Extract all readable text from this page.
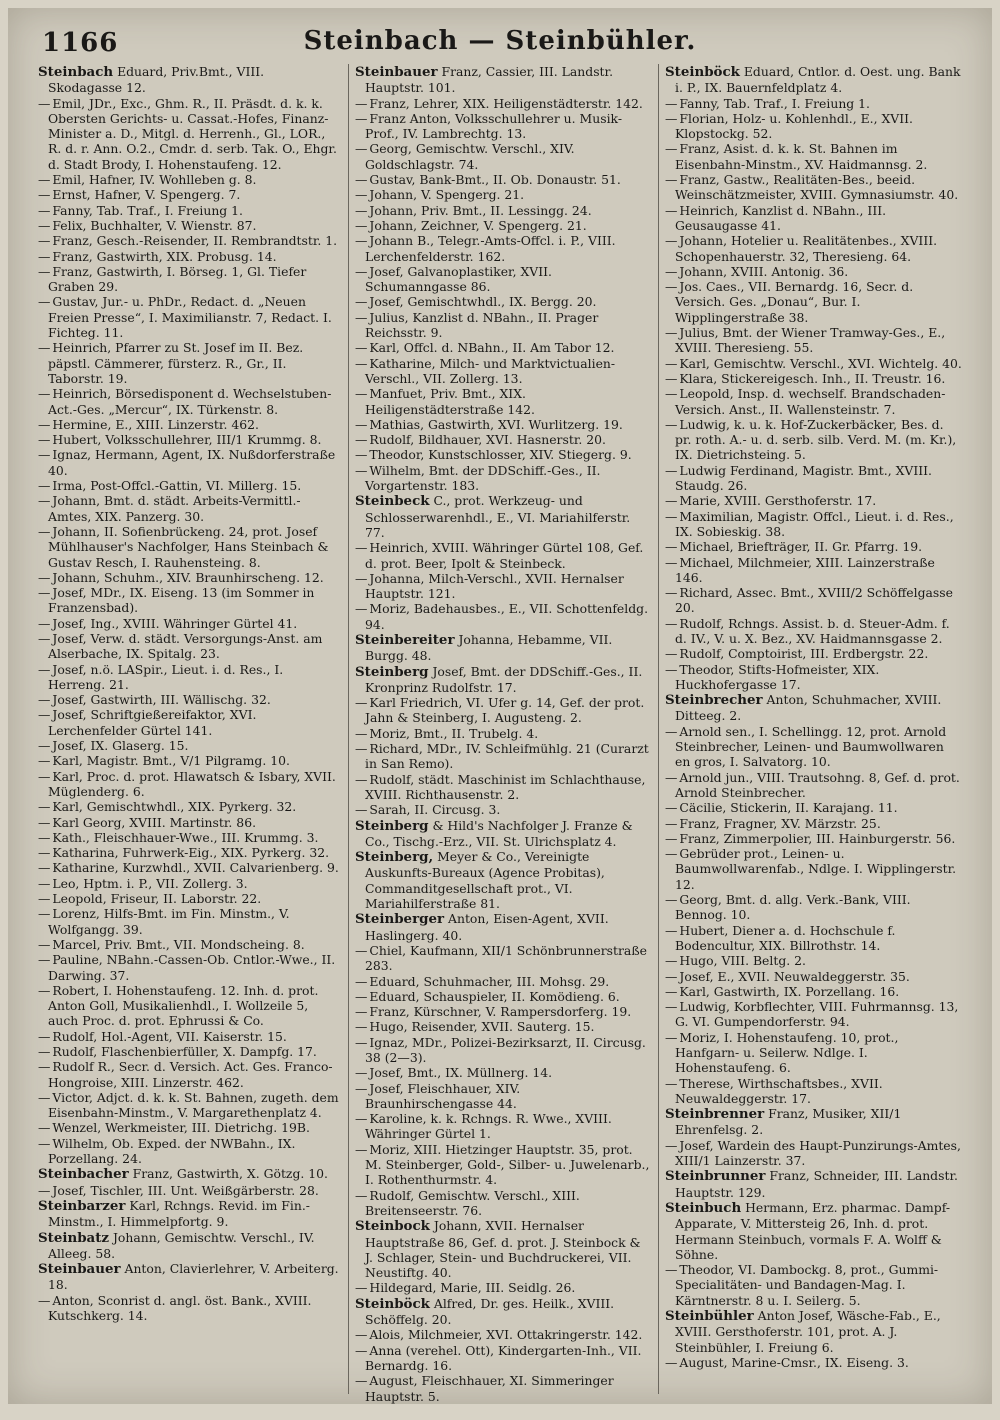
1166	Steinbach — Steinbühler.

Steinbach Eduard, Priv.Bmt., VIII. Skodagasse 12.

— Emil, JDr., Exc., Ghm. R., II. Präsdt. d. k. k. Obersten Gerichts- u. Cassat.-Hofes, Finanz-Minister a. D., Mitgl. d. Herrenh., Gl., LOR., R. d. r. Ann. O.2., Cmdr. d. serb. Tak. O., Ehgr. d. Stadt Brody, I. Hohenstaufeng. 12.

— Emil, Hafner, IV. Wohlleben g. 8.

— Ernst, Hafner, V. Spengerg. 7.

— Fanny, Tab. Traf., I. Freiung 1.

— Felix, Buchhalter, V. Wienstr. 87.

— Franz, Gesch.-Reisender, II. Rembrandtstr. 1.

— Franz, Gastwirth, XIX. Probusg. 14.

— Franz, Gastwirth, I. Börseg. 1, Gl. Tiefer Graben 29.

— Gustav, Jur.- u. PhDr., Redact. d. „Neuen Freien Presse“, I. Maximilianstr. 7, Redact. I. Fichteg. 11.

— Heinrich, Pfarrer zu St. Josef im II. Bez. päpstl. Cämmerer, fürsterz. R., Gr., II. Taborstr. 19.

— Heinrich, Börsedisponent d. Wechselstuben-Act.-Ges. „Mercur“, IX. Türkenstr. 8.

— Hermine, E., XIII. Linzerstr. 462.

— Hubert, Volksschullehrer, III/1 Krummg. 8.

— Ignaz, Hermann, Agent, IX. Nußdorferstraße 40.

— Irma, Post-Offcl.-Gattin, VI. Millerg. 15.

— Johann, Bmt. d. städt. Arbeits-Vermittl.-Amtes, XIX. Panzerg. 30.

— Johann, II. Sofienbrückeng. 24, prot. Josef Mühlhauser's Nachfolger, Hans Steinbach & Gustav Resch, I. Rauhensteing. 8.

— Johann, Schuhm., XIV. Braunhirscheng. 12.

— Josef, MDr., IX. Eiseng. 13 (im Sommer in Franzensbad).

— Josef, Ing., XVIII. Währinger Gürtel 41.

— Josef, Verw. d. städt. Versorgungs-Anst. am Alserbache, IX. Spitalg. 23.

— Josef, n.ö. LASpir., Lieut. i. d. Res., I. Herreng. 21.

— Josef, Gastwirth, III. Wällischg. 32.

— Josef, Schriftgießereifaktor, XVI. Lerchenfelder Gürtel 141.

— Josef, IX. Glaserg. 15.

— Karl, Magistr. Bmt., V/1 Pilgramg. 10.

— Karl, Proc. d. prot. Hlawatsch & Isbary, XVII. Müglenderg. 6.

— Karl, Gemischtwhdl., XIX. Pyrkerg. 32.

— Karl Georg, XVIII. Martinstr. 86.

— Kath., Fleischhauer-Wwe., III. Krummg. 3.

— Katharina, Fuhrwerk-Eig., XIX. Pyrkerg. 32.

— Katharine, Kurzwhdl., XVII. Calvarienberg. 9.

— Leo, Hptm. i. P., VII. Zollerg. 3.

— Leopold, Friseur, II. Laborstr. 22.

— Lorenz, Hilfs-Bmt. im Fin. Minstm., V. Wolfgangg. 39.

— Marcel, Priv. Bmt., VII. Mondscheing. 8.

— Pauline, NBahn.-Cassen-Ob. Cntlor.-Wwe., II. Darwing. 37.

— Robert, I. Hohenstaufeng. 12. Inh. d. prot. Anton Goll, Musikalienhdl., I. Wollzeile 5, auch Proc. d. prot. Ephrussi & Co.

— Rudolf, Hol.-Agent, VII. Kaiserstr. 15.

— Rudolf, Flaschenbierfüller, X. Dampfg. 17.

— Rudolf R., Secr. d. Versich. Act. Ges. Franco-Hongroise, XIII. Linzerstr. 462.

— Victor, Adjct. d. k. k. St. Bahnen, zugeth. dem Eisenbahn-Minstm., V. Margarethenplatz 4.

— Wenzel, Werkmeister, III. Dietrichg. 19B.

— Wilhelm, Ob. Exped. der NWBahn., IX. Porzellang. 24.

Steinbacher Franz, Gastwirth, X. Götzg. 10.

— Josef, Tischler, III. Unt. Weißgärberstr. 28.

Steinbarzer Karl, Rchngs. Revid. im Fin.-Minstm., I. Himmelpfortg. 9.

Steinbatz Johann, Gemischtw. Verschl., IV. Alleeg. 58.

Steinbauer Anton, Clavierlehrer, V. Arbeiterg. 18.

— Anton, Sconrist d. angl. öst. Bank., XVIII. Kutschkerg. 14.

Steinbauer Franz, Cassier, III. Landstr. Hauptstr. 101.

— Franz, Lehrer, XIX. Heiligenstädterstr. 142.

— Franz Anton, Volksschullehrer u. Musik-Prof., IV. Lambrechtg. 13.

— Georg, Gemischtw. Verschl., XIV. Goldschlagstr. 74.

— Gustav, Bank-Bmt., II. Ob. Donaustr. 51.

— Johann, V. Spengerg. 21.

— Johann, Priv. Bmt., II. Lessingg. 24.

— Johann, Zeichner, V. Spengerg. 21.

— Johann B., Telegr.-Amts-Offcl. i. P., VIII. Lerchenfelderstr. 162.

— Josef, Galvanoplastiker, XVII. Schumanngasse 86.

— Josef, Gemischtwhdl., IX. Bergg. 20.

— Julius, Kanzlist d. NBahn., II. Prager Reichsstr. 9.

— Karl, Offcl. d. NBahn., II. Am Tabor 12.

— Katharine, Milch- und Marktvictualien-Verschl., VII. Zollerg. 13.

— Manfuet, Priv. Bmt., XIX. Heiligenstädterstraße 142.

— Mathias, Gastwirth, XVI. Wurlitzerg. 19.

— Rudolf, Bildhauer, XVI. Hasnerstr. 20.

— Theodor, Kunstschlosser, XIV. Stiegerg. 9.

— Wilhelm, Bmt. der DDSchiff.-Ges., II. Vorgartenstr. 183.

Steinbeck C., prot. Werkzeug- und Schlosserwarenhdl., E., VI. Mariahilferstr. 77.

— Heinrich, XVIII. Währinger Gürtel 108, Gef. d. prot. Beer, Ipolt & Steinbeck.

— Johanna, Milch-Verschl., XVII. Hernalser Hauptstr. 121.

— Moriz, Badehausbes., E., VII. Schottenfeldg. 94.

Steinbereiter Johanna, Hebamme, VII. Burgg. 48.

Steinberg Josef, Bmt. der DDSchiff.-Ges., II. Kronprinz Rudolfstr. 17.

— Karl Friedrich, VI. Ufer g. 14, Gef. der prot. Jahn & Steinberg, I. Augusteng. 2.

— Moriz, Bmt., II. Trubelg. 4.

— Richard, MDr., IV. Schleifmühlg. 21 (Curarzt in San Remo).

— Rudolf, städt. Maschinist im Schlachthause, XVIII. Richthausenstr. 2.

— Sarah, II. Circusg. 3.

Steinberg & Hild's Nachfolger J. Franze & Co., Tischg.-Erz., VII. St. Ulrichsplatz 4.

Steinberg, Meyer & Co., Vereinigte Auskunfts-Bureaux (Agence Probitas), Commanditgesellschaft prot., VI. Mariahilferstraße 81.

Steinberger Anton, Eisen-Agent, XVII. Haslingerg. 40.

— Chiel, Kaufmann, XII/1 Schönbrunnerstraße 283.

— Eduard, Schuhmacher, III. Mohsg. 29.

— Eduard, Schauspieler, II. Komödieng. 6.

— Franz, Kürschner, V. Rampersdorferg. 19.

— Hugo, Reisender, XVII. Sauterg. 15.

— Ignaz, MDr., Polizei-Bezirksarzt, II. Circusg. 38 (2—3).

— Josef, Bmt., IX. Müllnerg. 14.

— Josef, Fleischhauer, XIV. Braunhirschengasse 44.

— Karoline, k. k. Rchngs. R. Wwe., XVIII. Währinger Gürtel 1.

— Moriz, XIII. Hietzinger Hauptstr. 35, prot. M. Steinberger, Gold-, Silber- u. Juwelenarb., I. Rothenthurmstr. 4.

— Rudolf, Gemischtw. Verschl., XIII. Breitenseerstr. 76.

Steinbock Johann, XVII. Hernalser Hauptstraße 86, Gef. d. prot. J. Steinbock & J. Schlager, Stein- und Buchdruckerei, VII. Neustiftg. 40.

— Hildegard, Marie, III. Seidlg. 26.

Steinböck Alfred, Dr. ges. Heilk., XVIII. Schöffelg. 20.

— Alois, Milchmeier, XVI. Ottakringerstr. 142.

— Anna (verehel. Ott), Kindergarten-Inh., VII. Bernardg. 16.

— August, Fleischhauer, XI. Simmeringer Hauptstr. 5.

Steinböck Eduard, Cntlor. d. Oest. ung. Bank i. P., IX. Bauernfeldplatz 4.

— Fanny, Tab. Traf., I. Freiung 1.

— Florian, Holz- u. Kohlenhdl., E., XVII. Klopstockg. 52.

— Franz, Asist. d. k. k. St. Bahnen im Eisenbahn-Minstm., XV. Haidmannsg. 2.

— Franz, Gastw., Realitäten-Bes., beeid. Weinschätzmeister, XVIII. Gymnasiumstr. 40.

— Heinrich, Kanzlist d. NBahn., III. Geusaugasse 41.

— Johann, Hotelier u. Realitätenbes., XVIII. Schopenhauerstr. 32, Theresieng. 64.

— Johann, XVIII. Antonig. 36.

— Jos. Caes., VII. Bernardg. 16, Secr. d. Versich. Ges. „Donau“, Bur. I. Wipplingerstraße 38.

— Julius, Bmt. der Wiener Tramway-Ges., E., XVIII. Theresieng. 55.

— Karl, Gemischtw. Verschl., XVI. Wichtelg. 40.

— Klara, Stickereigesch. Inh., II. Treustr. 16.

— Leopold, Insp. d. wechself. Brandschaden-Versich. Anst., II. Wallensteinstr. 7.

— Ludwig, k. u. k. Hof-Zuckerbäcker, Bes. d. pr. roth. A.- u. d. serb. silb. Verd. M. (m. Kr.), IX. Dietrichsteing. 5.

— Ludwig Ferdinand, Magistr. Bmt., XVIII. Staudg. 26.

— Marie, XVIII. Gersthoferstr. 17.

— Maximilian, Magistr. Offcl., Lieut. i. d. Res., IX. Sobieskig. 38.

— Michael, Briefträger, II. Gr. Pfarrg. 19.

— Michael, Milchmeier, XIII. Lainzerstraße 146.

— Richard, Assec. Bmt., XVIII/2 Schöffelgasse 20.

— Rudolf, Rchngs. Assist. b. d. Steuer-Adm. f. d. IV., V. u. X. Bez., XV. Haidmannsgasse 2.

— Rudolf, Comptoirist, III. Erdbergstr. 22.

— Theodor, Stifts-Hofmeister, XIX. Huckhofergasse 17.

Steinbrecher Anton, Schuhmacher, XVIII. Ditteeg. 2.

— Arnold sen., I. Schellingg. 12, prot. Arnold Steinbrecher, Leinen- und Baumwollwaren en gros, I. Salvatorg. 10.

— Arnold jun., VIII. Trautsohng. 8, Gef. d. prot. Arnold Steinbrecher.

— Cäcilie, Stickerin, II. Karajang. 11.

— Franz, Fragner, XV. Märzstr. 25.

— Franz, Zimmerpolier, III. Hainburgerstr. 56.

— Gebrüder prot., Leinen- u. Baumwollwarenfab., Ndlge. I. Wipplingerstr. 12.

— Georg, Bmt. d. allg. Verk.-Bank, VIII. Bennog. 10.

— Hubert, Diener a. d. Hochschule f. Bodencultur, XIX. Billrothstr. 14.

— Hugo, VIII. Beltg. 2.

— Josef, E., XVII. Neuwaldeggerstr. 35.

— Karl, Gastwirth, IX. Porzellang. 16.

— Ludwig, Korbflechter, VIII. Fuhrmannsg. 13, G. VI. Gumpendorferstr. 94.

— Moriz, I. Hohenstaufeng. 10, prot., Hanfgarn- u. Seilerw. Ndlge. I. Hohenstaufeng. 6.

— Therese, Wirthschaftsbes., XVII. Neuwaldeggerstr. 17.

Steinbrenner Franz, Musiker, XII/1 Ehrenfelsg. 2.

— Josef, Wardein des Haupt-Punzirungs-Amtes, XIII/1 Lainzerstr. 37.

Steinbrunner Franz, Schneider, III. Landstr. Hauptstr. 129.

Steinbuch Hermann, Erz. pharmac. Dampf-Apparate, V. Mittersteig 26, Inh. d. prot. Hermann Steinbuch, vormals F. A. Wolff & Söhne.

— Theodor, VI. Dambockg. 8, prot., Gummi-Specialitäten- und Bandagen-Mag. I. Kärntnerstr. 8 u. I. Seilerg. 5.

Steinbühler Anton Josef, Wäsche-Fab., E., XVIII. Gersthoferstr. 101, prot. A. J. Steinbühler, I. Freiung 6.

— August, Marine-Cmsr., IX. Eiseng. 3.
